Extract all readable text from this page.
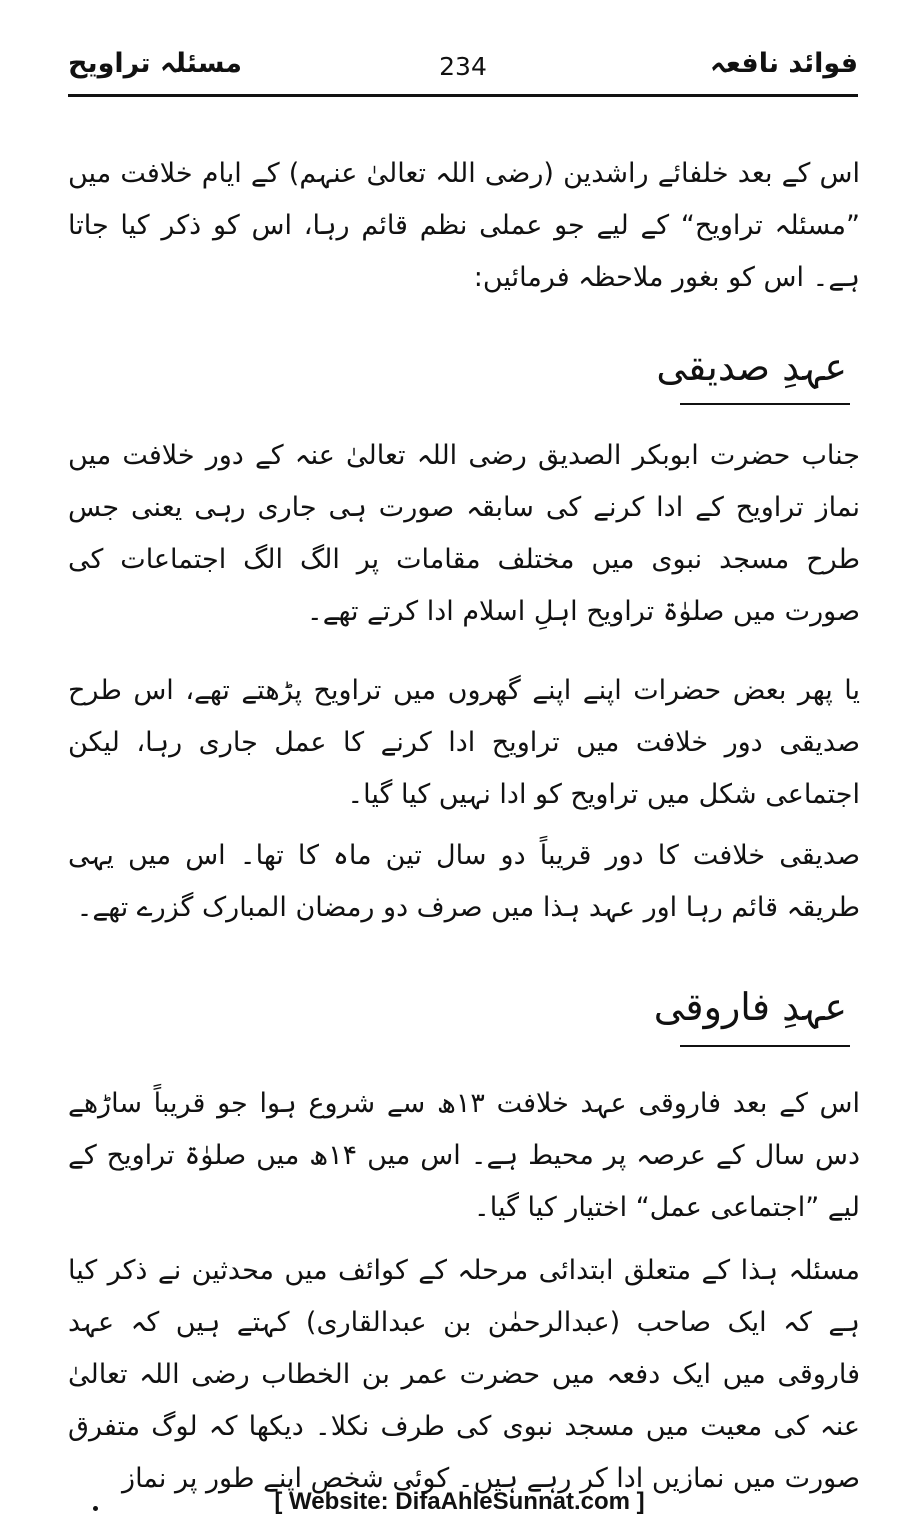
مسئلہ تراویح	234	فوائد نافعہ
اس کے بعد خلفائے راشدین (رضی اللہ تعالیٰ عنہم) کے ایام خلافت میں ”مسئلہ تراویح“ کے لیے جو عملی نظم قائم رہا، اس کو ذکر کیا جاتا ہے۔ اس کو بغور ملاحظہ فرمائیں:
عہدِ صدیقی
جناب حضرت ابوبکر الصدیق رضی اللہ تعالیٰ عنہ کے دور خلافت میں نماز تراویح کے ادا کرنے کی سابقہ صورت ہی جاری رہی یعنی جس طرح مسجد نبوی میں مختلف مقامات پر الگ الگ اجتماعات کی صورت میں صلوٰۃ تراویح اہلِ اسلام ادا کرتے تھے۔
یا پھر بعض حضرات اپنے اپنے گھروں میں تراویح پڑھتے تھے، اس طرح صدیقی دور خلافت میں تراویح ادا کرنے کا عمل جاری رہا، لیکن اجتماعی شکل میں تراویح کو ادا نہیں کیا گیا۔
صدیقی خلافت کا دور قریباً دو سال تین ماہ کا تھا۔ اس میں یہی طریقہ قائم رہا اور عہد ہذا میں صرف دو رمضان المبارک گزرے تھے۔
عہدِ فاروقی
اس کے بعد فاروقی عہد خلافت ۱۳ھ سے شروع ہوا جو قریباً ساڑھے دس سال کے عرصہ پر محیط ہے۔ اس میں ۱۴ھ میں صلوٰۃ تراویح کے لیے ”اجتماعی عمل“ اختیار کیا گیا۔
مسئلہ ہذا کے متعلق ابتدائی مرحلہ کے کوائف میں محدثین نے ذکر کیا ہے کہ ایک صاحب (عبدالرحمٰن بن عبدالقاری) کہتے ہیں کہ عہد فاروقی میں ایک دفعہ میں حضرت عمر بن الخطاب رضی اللہ تعالیٰ عنہ کی معیت میں مسجد نبوی کی طرف نکلا۔ دیکھا کہ لوگ متفرق صورت میں نمازیں ادا کر رہے ہیں۔ کوئی شخص اپنے طور پر نماز
[ Website: DifaAhleSunnat.com ]
